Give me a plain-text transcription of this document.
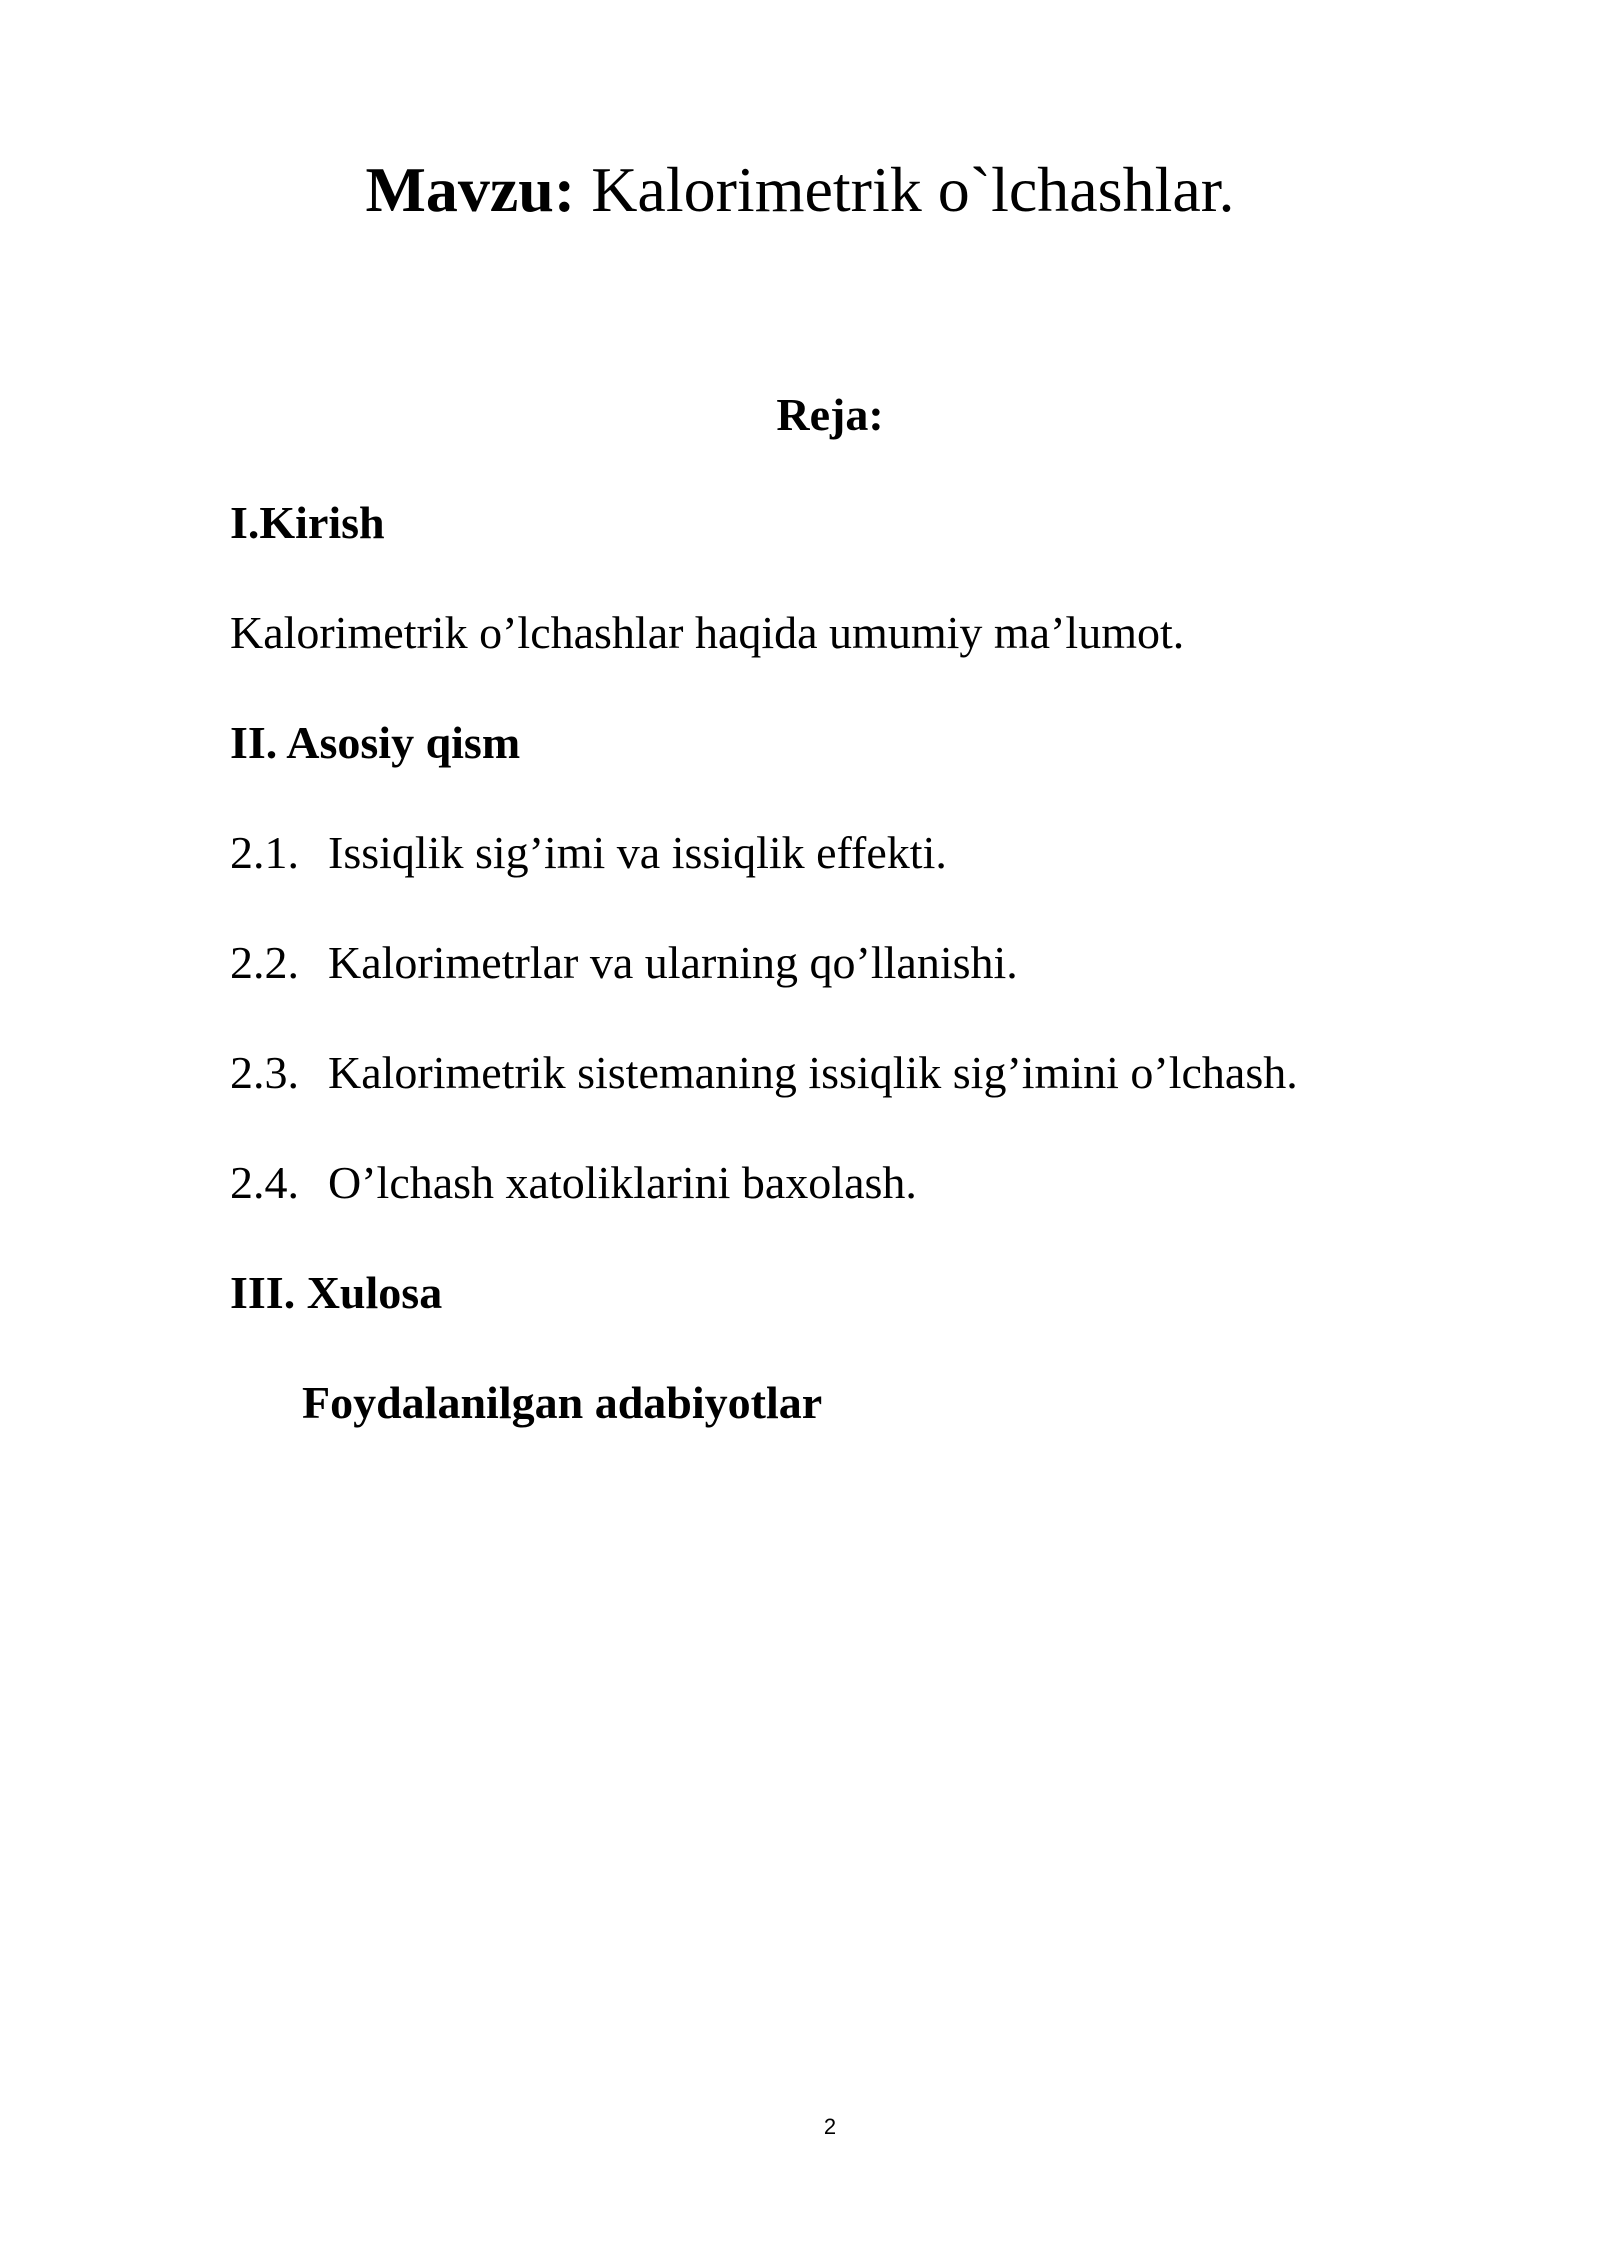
Mavzu: Kalorimetrik o`lchashlar.
Reja:
I.Kirish
Kalorimetrik o’lchashlar haqida umumiy ma’lumot.
II. Asosiy qism
2.1. Issiqlik sig’imi va issiqlik effekti.
2.2. Kalorimetrlar va ularning qo’llanishi.
2.3. Kalorimetrik sistemaning issiqlik sig’imini o’lchash.
2.4. O’lchash xatoliklarini baxolash.
III. Xulosa
Foydalanilgan adabiyotlar
2
